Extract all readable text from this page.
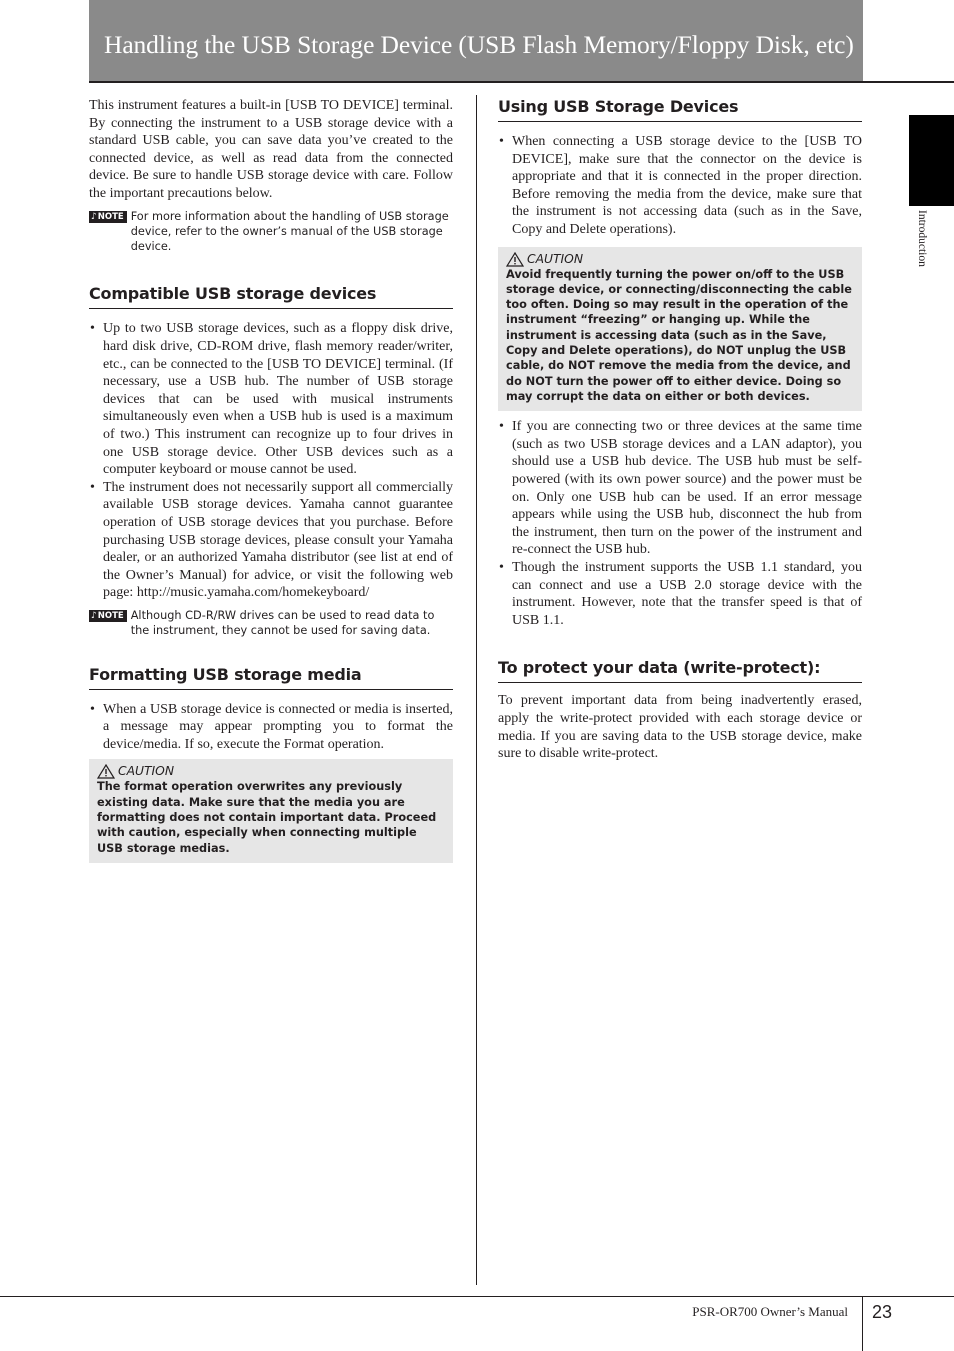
Handling the USB Storage Device (USB Flash Memory/Floppy Disk, etc)
Introduction

This instrument features a built-in [USB TO DEVICE] terminal. By connecting the instrument to a USB storage device with a standard USB cable, you can save data you’ve created to the connected device, as well as read data from the connected device. Be sure to handle USB storage device with care. Follow the important precautions below.

♪ NOTE For more information about the handling of USB storage device, refer to the owner’s manual of the USB storage device.
Compatible USB storage devices
• Up to two USB storage devices, such as a floppy disk drive, hard disk drive, CD-ROM drive, flash memory reader/writer, etc., can be connected to the [USB TO DEVICE] terminal. (If necessary, use a USB hub. The number of USB storage devices that can be used with musical instruments simultaneously even when a USB hub is used is a maximum of two.) This instrument can recognize up to four drives in one USB storage device. Other USB devices such as a computer keyboard or mouse cannot be used.
• The instrument does not necessarily support all commercially available USB storage devices. Yamaha cannot guarantee operation of USB storage devices that you purchase. Before purchasing USB storage devices, please consult your Yamaha dealer, or an authorized Yamaha distributor (see list at end of the Owner’s Manual) for advice, or visit the following web page: http://music.yamaha.com/homekeyboard/
♪ NOTE Although CD-R/RW drives can be used to read data to the instrument, they cannot be used for saving data.
Formatting USB storage media
• When a USB storage device is connected or media is inserted, a message may appear prompting you to format the device/media. If so, execute the Format operation.
CAUTION
The format operation overwrites any previously existing data. Make sure that the media you are formatting does not contain important data. Proceed with caution, especially when connecting multiple USB storage medias.
Using USB Storage Devices
• When connecting a USB storage device to the [USB TO DEVICE], make sure that the connector on the device is appropriate and that it is connected in the proper direction. Before removing the media from the device, make sure that the instrument is not accessing data (such as in the Save, Copy and Delete operations).
CAUTION
Avoid frequently turning the power on/off to the USB storage device, or connecting/disconnecting the cable too often. Doing so may result in the operation of the instrument “freezing” or hanging up. While the instrument is accessing data (such as in the Save, Copy and Delete operations), do NOT unplug the USB cable, do NOT remove the media from the device, and do NOT turn the power off to either device. Doing so may corrupt the data on either or both devices.
• If you are connecting two or three devices at the same time (such as two USB storage devices and a LAN adaptor), you should use a USB hub device. The USB hub must be self-powered (with its own power source) and the power must be on. Only one USB hub can be used. If an error message appears while using the USB hub, disconnect the hub from the instrument, then turn on the power of the instrument and re-connect the USB hub.
• Though the instrument supports the USB 1.1 standard, you can connect and use a USB 2.0 storage device with the instrument. However, note that the transfer speed is that of USB 1.1.
To protect your data (write-protect):

To prevent important data from being inadvertently erased, apply the write-protect provided with each storage device or media. If you are saving data to the USB storage device, make sure to disable write-protect.

PSR-OR700 Owner’s Manual 23
